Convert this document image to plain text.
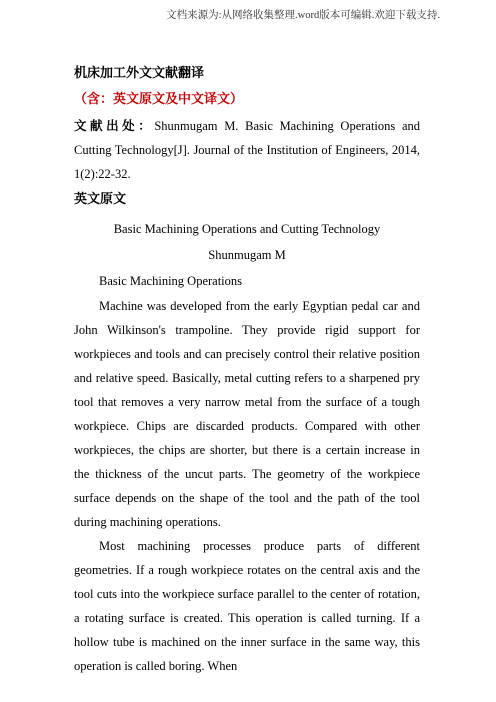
文档来源为:从网络收集整理.word版本可编辑.欢迎下载支持.

机床加工外文文献翻译

（含：英文原文及中文译文）

文献出处：Shunmugam M. Basic Machining Operations and Cutting Technology[J]. Journal of the Institution of Engineers, 2014, 1(2):22-32.

英文原文

Basic Machining Operations and Cutting Technology

Shunmugam M

Basic Machining Operations

Machine was developed from the early Egyptian pedal car and John Wilkinson's trampoline. They provide rigid support for workpieces and tools and can precisely control their relative position and relative speed. Basically, metal cutting refers to a sharpened pry tool that removes a very narrow metal from the surface of a tough workpiece. Chips are discarded products. Compared with other workpieces, the chips are shorter, but there is a certain increase in the thickness of the uncut parts. The geometry of the workpiece surface depends on the shape of the tool and the path of the tool during machining operations.

Most machining processes produce parts of different geometries. If a rough workpiece rotates on the central axis and the tool cuts into the workpiece surface parallel to the center of rotation, a rotating surface is created. This operation is called turning. If a hollow tube is machined on the inner surface in the same way, this operation is called boring. When
